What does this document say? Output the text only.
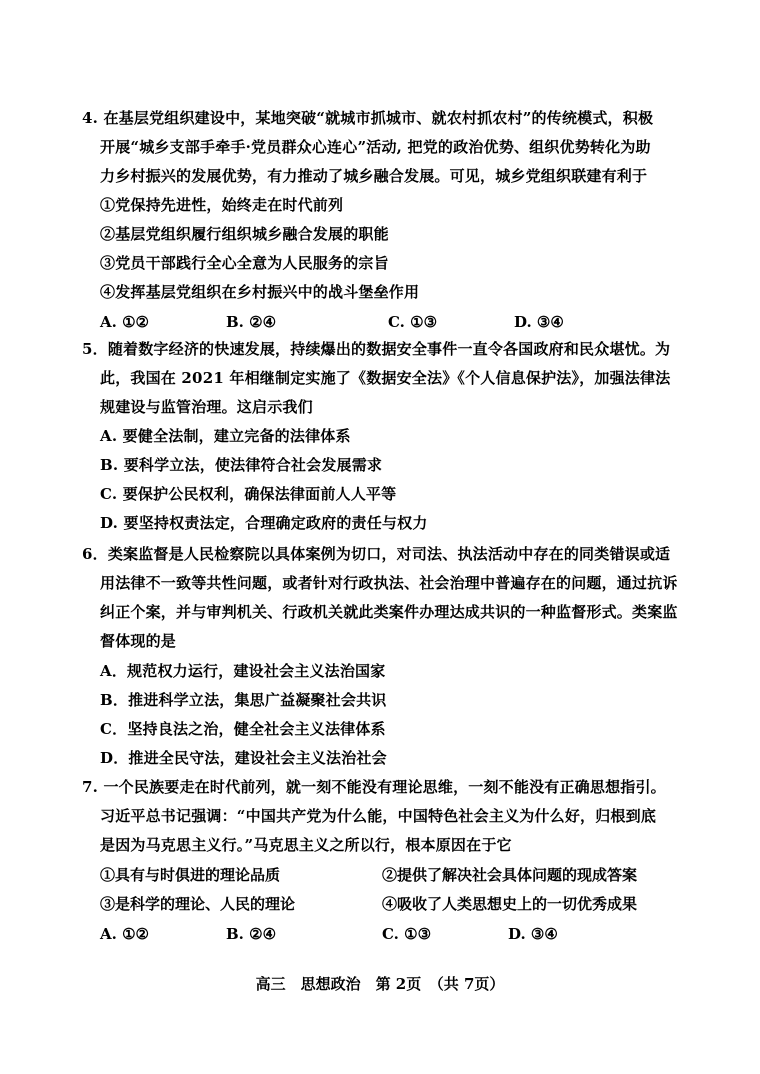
4. 在基层党组织建设中，某地突破“就城市抓城市、就农村抓农村”的传统模式，积极
开展“城乡支部手牵手·党员群众心连心”活动, 把党的政治优势、组织优势转化为助
力乡村振兴的发展优势，有力推动了城乡融合发展。可见，城乡党组织联建有利于
①党保持先进性，始终走在时代前列
②基层党组织履行组织城乡融合发展的职能
③党员干部践行全心全意为人民服务的宗旨
④发挥基层党组织在乡村振兴中的战斗堡垒作用
A. ①②	B. ②④	C. ①③	D. ③④
5．随着数字经济的快速发展，持续爆出的数据安全事件一直令各国政府和民众堪忧。为
此，我国在 2021 年相继制定实施了《数据安全法》《个人信息保护法》，加强法律法
规建设与监管治理。这启示我们
A. 要健全法制，建立完备的法律体系
B. 要科学立法，使法律符合社会发展需求
C. 要保护公民权利，确保法律面前人人平等
D. 要坚持权责法定，合理确定政府的责任与权力
6．类案监督是人民检察院以具体案例为切口，对司法、执法活动中存在的同类错误或适
用法律不一致等共性问题，或者针对行政执法、社会治理中普遍存在的问题，通过抗诉
纠正个案，并与审判机关、行政机关就此类案件办理达成共识的一种监督形式。类案监
督体现的是
A．规范权力运行，建设社会主义法治国家
B．推进科学立法，集思广益凝聚社会共识
C．坚持良法之治，健全社会主义法律体系
D．推进全民守法，建设社会主义法治社会
7. 一个民族要走在时代前列，就一刻不能没有理论思维，一刻不能没有正确思想指引。
习近平总书记强调：“中国共产党为什么能，中国特色社会主义为什么好，归根到底
是因为马克思主义行。”马克思主义之所以行，根本原因在于它
①具有与时俱进的理论品质	②提供了解决社会具体问题的现成答案
③是科学的理论、人民的理论	④吸收了人类思想史上的一切优秀成果
A. ①②	B. ②④	C. ①③	D. ③④
高三　思想政治　第 2页　（共 7页）
